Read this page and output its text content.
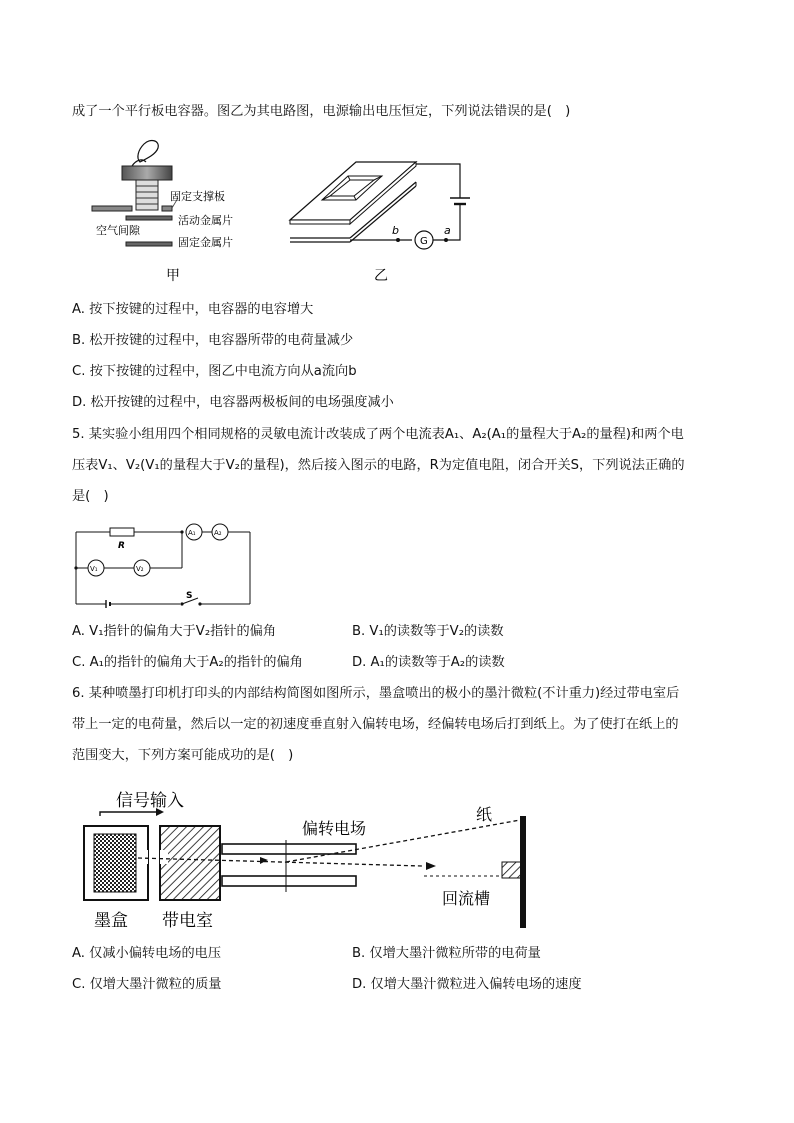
成了一个平行板电容器。图乙为其电路图，电源输出电压恒定，下列说法错误的是(　)
固定支撑板
空气间隙
活动金属片
固定金属片
甲
b
G
a
乙
A. 按下按键的过程中，电容器的电容增大
B. 松开按键的过程中，电容器所带的电荷量减少
C. 按下按键的过程中，图乙中电流方向从a流向b
D. 松开按键的过程中，电容器两极板间的电场强度减小
5. 某实验小组用四个相同规格的灵敏电流计改装成了两个电流表A₁、A₂(A₁的量程大于A₂的量程)和两个电
压表V₁、V₂(V₁的量程大于V₂的量程)，然后接入图示的电路，R为定值电阻，闭合开关S，下列说法正确的
是(　)
S
R
A₁	A₂
V₁	V₂
A. V₁指针的偏角大于V₂指针的偏角	B. V₁的读数等于V₂的读数
C. A₁的指针的偏角大于A₂的指针的偏角	D. A₁的读数等于A₂的读数
6. 某种喷墨打印机打印头的内部结构简图如图所示，墨盒喷出的极小的墨汁微粒(不计重力)经过带电室后
带上一定的电荷量，然后以一定的初速度垂直射入偏转电场，经偏转电场后打到纸上。为了使打在纸上的
范围变大，下列方案可能成功的是(　)
信号输入
偏转电场
纸
回流槽
墨盒 带电室
A. 仅减小偏转电场的电压	B. 仅增大墨汁微粒所带的电荷量
C. 仅增大墨汁微粒的质量	D. 仅增大墨汁微粒进入偏转电场的速度
